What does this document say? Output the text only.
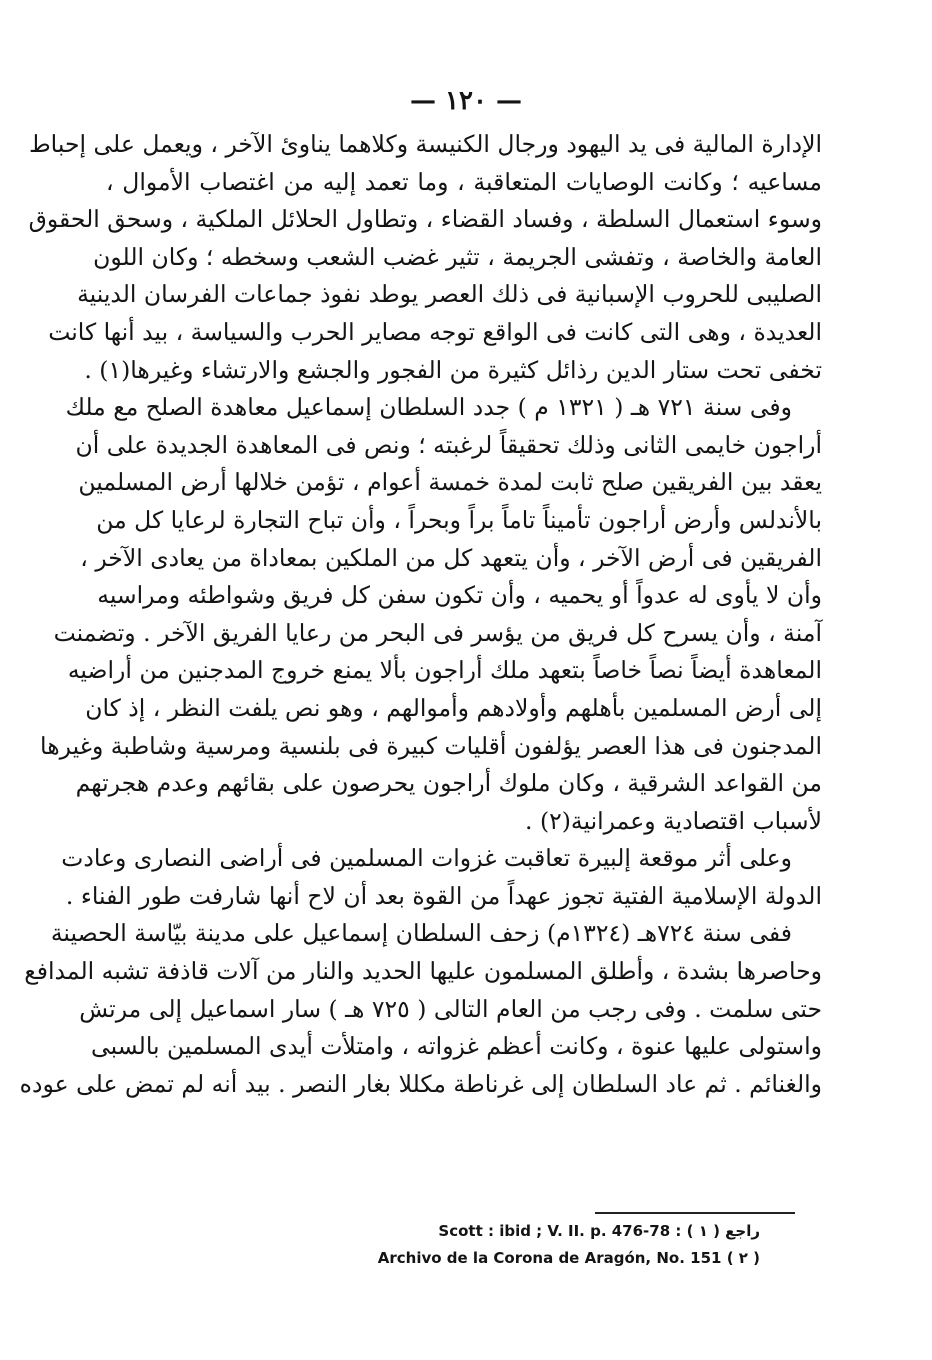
— ١٢٠ —
الإدارة المالية فى يد اليهود ورجال الكنيسة وكلاهما يناوئ الآخر ، ويعمل على إحباط
مساعيه ؛ وكانت الوصايات المتعاقبة ، وما تعمد إليه من اغتصاب الأموال ،
وسوء استعمال السلطة ، وفساد القضاء ، وتطاول الحلائل الملكية ، وسحق الحقوق
العامة والخاصة ، وتفشى الجريمة ، تثير غضب الشعب وسخطه ؛ وكان اللون
الصليبى للحروب الإسبانية فى ذلك العصر يوطد نفوذ جماعات الفرسان الدينية
العديدة ، وهى التى كانت فى الواقع توجه مصاير الحرب والسياسة ، بيد أنها كانت
تخفى تحت ستار الدين رذائل كثيرة من الفجور والجشع والارتشاء وغيرها(١) .
وفى سنة ٧٢١ هـ ( ١٣٢١ م ) جدد السلطان إسماعيل معاهدة الصلح مع ملك
أراجون خايمى الثانى وذلك تحقيقاً لرغبته ؛ ونص فى المعاهدة الجديدة على أن
يعقد بين الفريقين صلح ثابت لمدة خمسة أعوام ، تؤمن خلالها أرض المسلمين
بالأندلس وأرض أراجون تأميناً تاماً براً وبحراً ، وأن تباح التجارة لرعايا كل من
الفريقين فى أرض الآخر ، وأن يتعهد كل من الملكين بمعاداة من يعادى الآخر ،
وأن لا يأوى له عدواً أو يحميه ، وأن تكون سفن كل فريق وشواطئه ومراسيه
آمنة ، وأن يسرح كل فريق من يؤسر فى البحر من رعايا الفريق الآخر . وتضمنت
المعاهدة أيضاً نصاً خاصاً بتعهد ملك أراجون بألا يمنع خروج المدجنين من أراضيه
إلى أرض المسلمين بأهلهم وأولادهم وأموالهم ، وهو نص يلفت النظر ، إذ كان
المدجنون فى هذا العصر يؤلفون أقليات كبيرة فى بلنسية ومرسية وشاطبة وغيرها
من القواعد الشرقية ، وكان ملوك أراجون يحرصون على بقائهم وعدم هجرتهم
لأسباب اقتصادية وعمرانية(٢) .
وعلى أثر موقعة إلبيرة تعاقبت غزوات المسلمين فى أراضى النصارى وعادت
الدولة الإسلامية الفتية تجوز عهداً من القوة بعد أن لاح أنها شارفت طور الفناء .
ففى سنة ٧٢٤هـ (١٣٢٤م) زحف السلطان إسماعيل على مدينة بيّاسة الحصينة
وحاصرها بشدة ، وأطلق المسلمون عليها الحديد والنار من آلات قاذفة تشبه المدافع
حتى سلمت . وفى رجب من العام التالى ( ٧٢٥ هـ ) سار اسماعيل إلى مرتش
واستولى عليها عنوة ، وكانت أعظم غزواته ، وامتلأت أيدى المسلمين بالسبى
والغنائم . ثم عاد السلطان إلى غرناطة مكللا بغار النصر . بيد أنه لم تمض على عوده
Scott : ibid ; V. II. p. 476-78 : راجع ( ١ )
Archivo de la Corona de Aragón, No. 151 ( ٢ )
